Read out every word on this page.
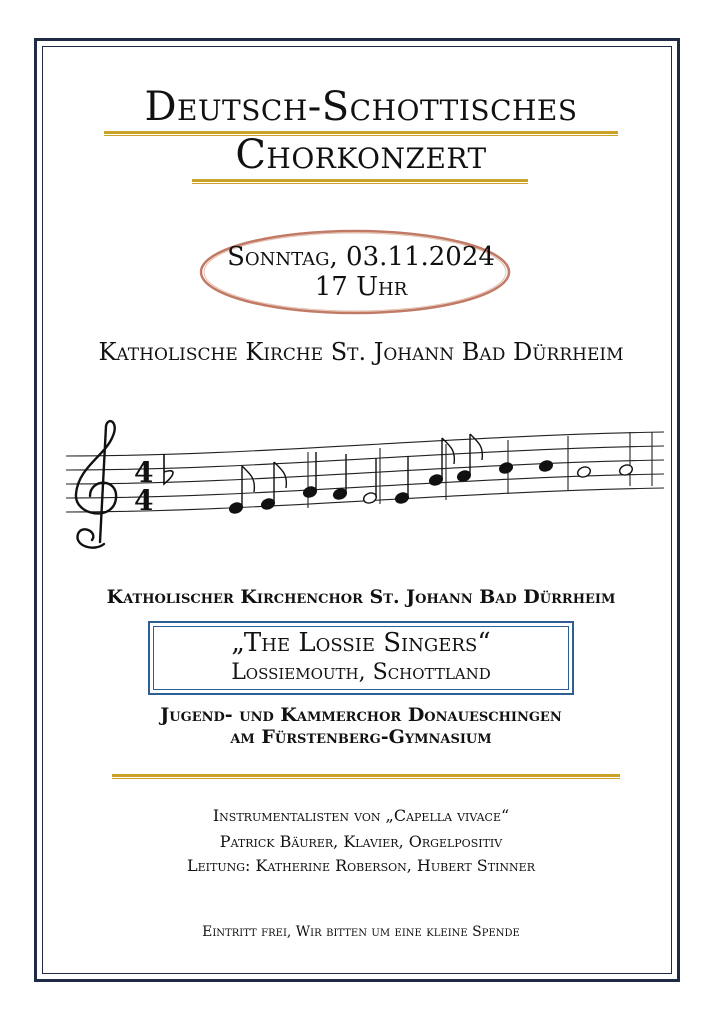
Deutsch-Schottisches
Chorkonzert
Sonntag, 03.11.2024
17 Uhr
Katholische Kirche St. Johann Bad Dürrheim
4
4
Katholischer Kirchenchor St. Johann Bad Dürrheim
„The Lossie Singers“
Lossiemouth, Schottland
Jugend- und Kammerchor Donaueschingen
am Fürstenberg-Gymnasium
Instrumentalisten von „Capella vivace“
Patrick Bäurer, Klavier, Orgelpositiv
Leitung: Katherine Roberson, Hubert Stinner
Eintritt frei, Wir bitten um eine kleine Spende
